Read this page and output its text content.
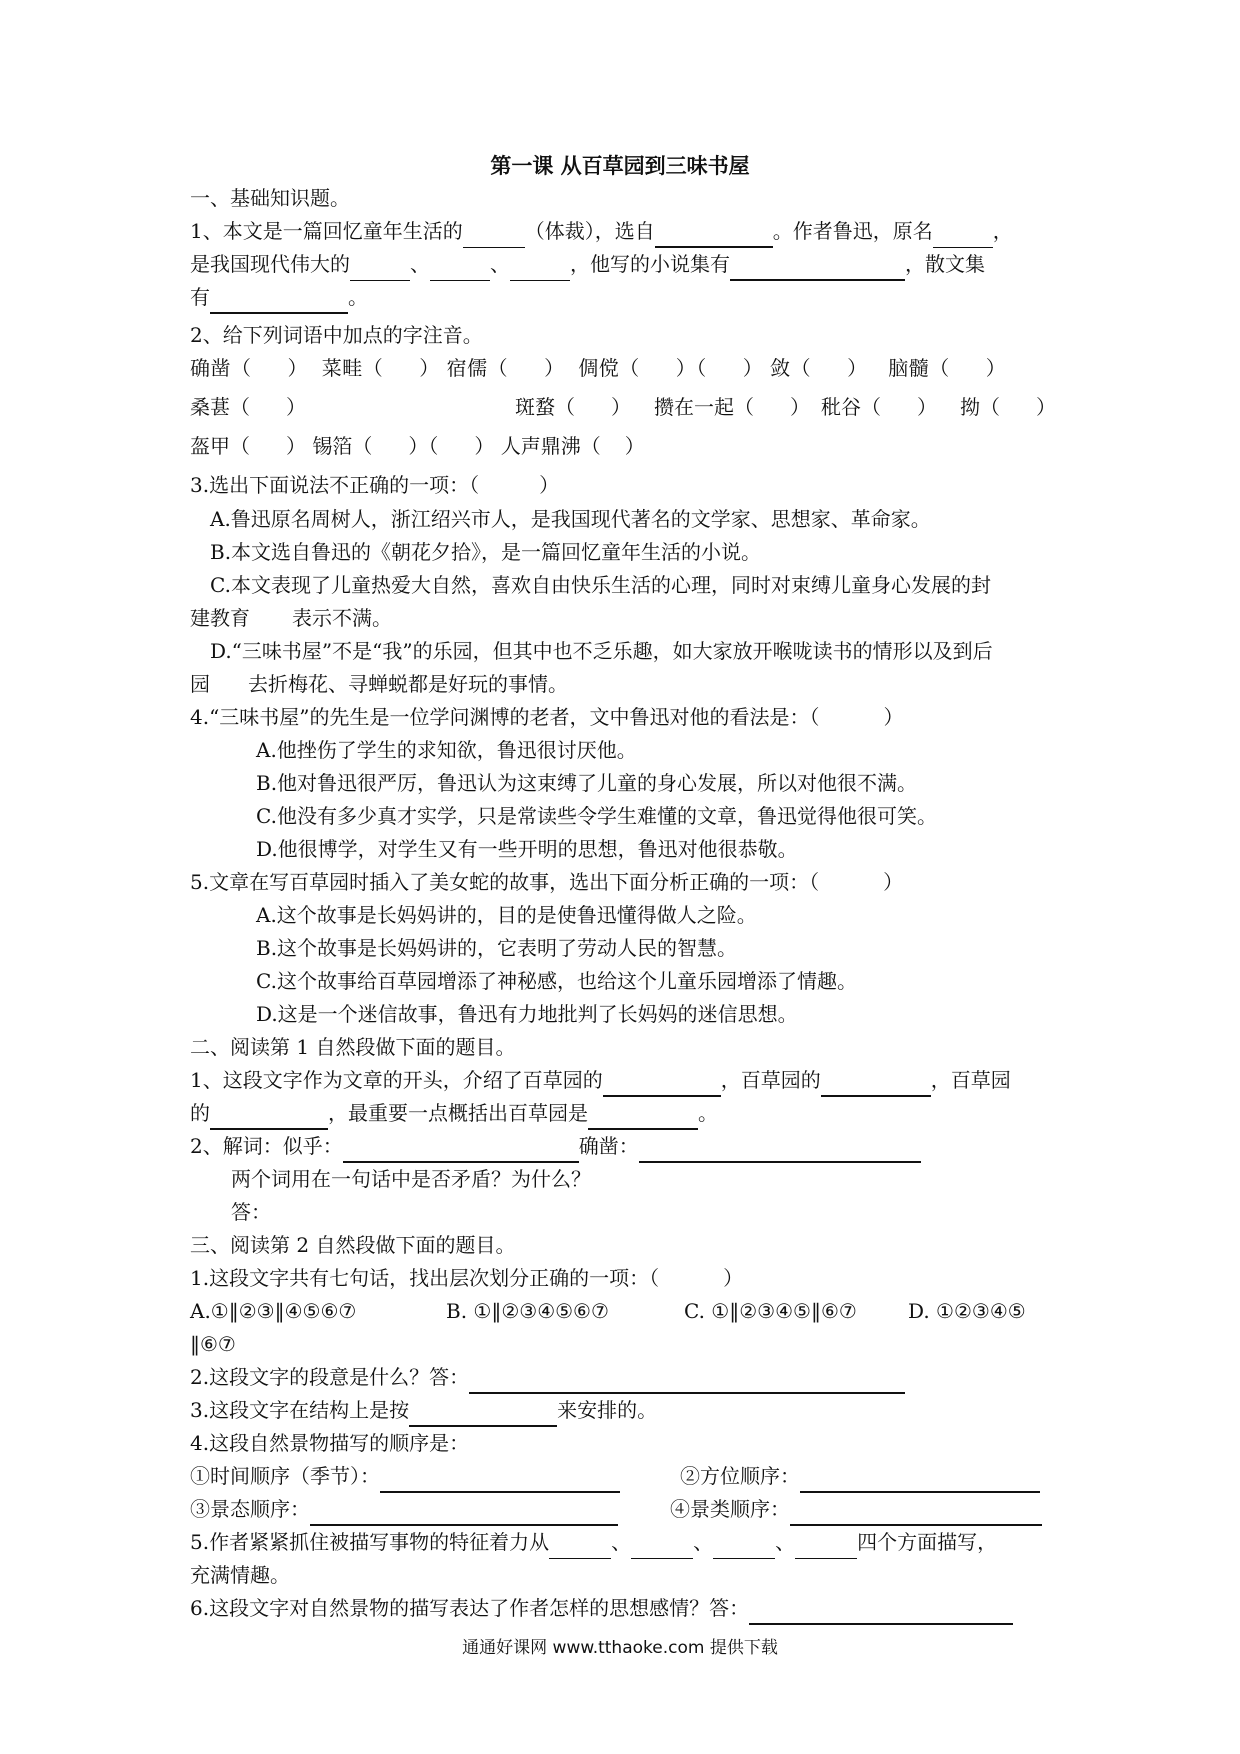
第一课 从百草园到三味书屋
一、基础知识题。
1、本文是一篇回忆童年生活的	（体裁），选自	。作者鲁迅，原名	，
是我国现代伟大的	、	、	，他写的小说集有	，散文集
有	。
2、给下列词语中加点的字注音。
确凿（ ） 菜畦（ ） 宿儒（ ） 倜傥（ ）（ ） 敛（ ） 脑髓（ ）
桑葚（ ）	斑蝥（ ） 攒在一起（ ） 秕谷（ ） 拗（ ）
盔甲（ ） 锡箔（ ）（ ） 人声鼎沸（ ）
3.选出下面说法不正确的一项：（	）
A.鲁迅原名周树人，浙江绍兴市人，是我国现代著名的文学家、思想家、革命家。
B.本文选自鲁迅的《朝花夕拾》，是一篇回忆童年生活的小说。
C.本文表现了儿童热爱大自然，喜欢自由快乐生活的心理，同时对束缚儿童身心发展的封
建教育 表示不满。
D.“三味书屋”不是“我”的乐园，但其中也不乏乐趣，如大家放开喉咙读书的情形以及到后
园 去折梅花、寻蝉蜕都是好玩的事情。
4.“三味书屋”的先生是一位学问渊博的老者，文中鲁迅对他的看法是：（	）
A.他挫伤了学生的求知欲，鲁迅很讨厌他。
B.他对鲁迅很严厉，鲁迅认为这束缚了儿童的身心发展，所以对他很不满。
C.他没有多少真才实学，只是常读些令学生难懂的文章，鲁迅觉得他很可笑。
D.他很博学，对学生又有一些开明的思想，鲁迅对他很恭敬。
5.文章在写百草园时插入了美女蛇的故事，选出下面分析正确的一项：（	）
A.这个故事是长妈妈讲的，目的是使鲁迅懂得做人之险。
B.这个故事是长妈妈讲的，它表明了劳动人民的智慧。
C.这个故事给百草园增添了神秘感，也给这个儿童乐园增添了情趣。
D.这是一个迷信故事，鲁迅有力地批判了长妈妈的迷信思想。
二、阅读第 1 自然段做下面的题目。
1、这段文字作为文章的开头，介绍了百草园的	，百草园的	，百草园
的	，最重要一点概括出百草园是	。
2、解词：似乎：	确凿：
两个词用在一句话中是否矛盾？为什么？
答：
三、阅读第 2 自然段做下面的题目。
1.这段文字共有七句话，找出层次划分正确的一项：（	）
A.①‖②③‖④⑤⑥⑦	B. ①‖②③④⑤⑥⑦	C. ①‖②③④⑤‖⑥⑦	D. ①②③④⑤
‖⑥⑦
2.这段文字的段意是什么？答：
3.这段文字在结构上是按	来安排的。
4.这段自然景物描写的顺序是：
①时间顺序（季节）：	②方位顺序：
③景态顺序：	④景类顺序：
5.作者紧紧抓住被描写事物的特征着力从	、	、	、	四个方面描写，
充满情趣。
6.这段文字对自然景物的描写表达了作者怎样的思想感情？答：
通通好课网 www.tthaoke.com 提供下载
